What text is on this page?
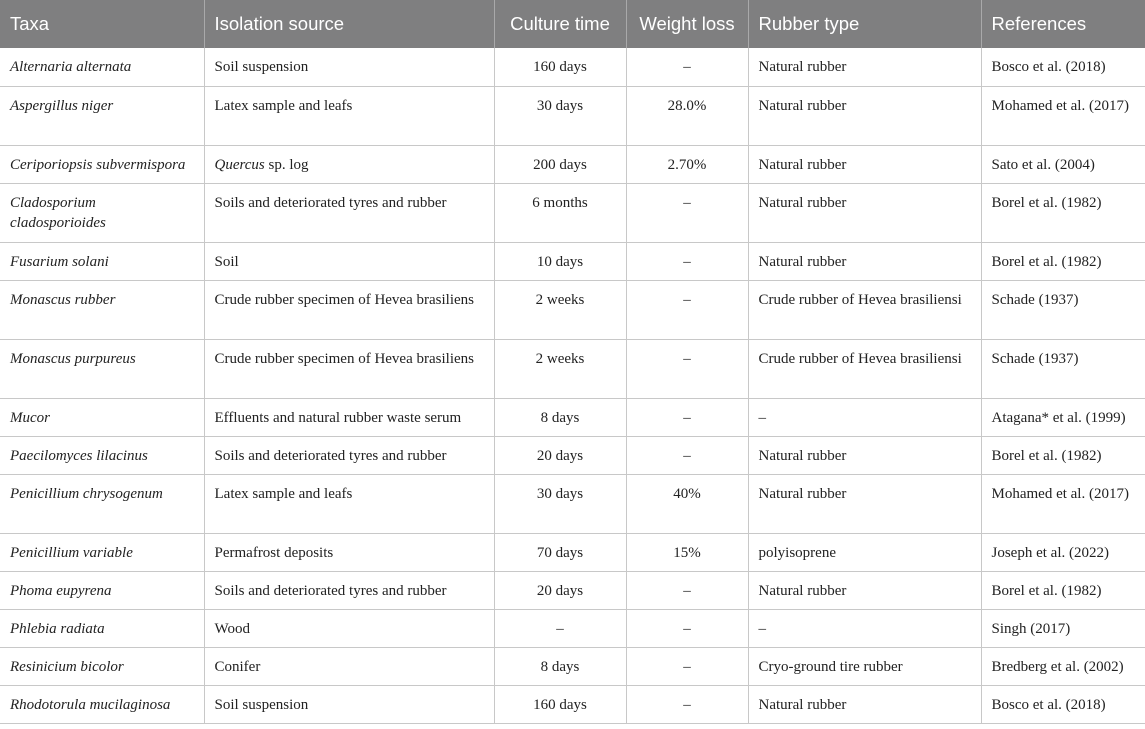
Taxa	Isolation source	Culture time	Weight loss	Rubber type	References
Alternaria alternata	Soil suspension	160 days	–	Natural rubber	Bosco et al. (2018)
Aspergillus niger	Latex sample and leafs	30 days	28.0%	Natural rubber	Mohamed et al. (2017)
Ceriporiopsis subvermispora	Quercus sp. log	200 days	2.70%	Natural rubber	Sato et al. (2004)
Cladosporium cladosporioides	Soils and deteriorated tyres and rubber	6 months	–	Natural rubber	Borel et al. (1982)
Fusarium solani	Soil	10 days	–	Natural rubber	Borel et al. (1982)
Monascus rubber	Crude rubber specimen of Hevea brasiliens	2 weeks	–	Crude rubber of Hevea brasiliensi	Schade (1937)
Monascus purpureus	Crude rubber specimen of Hevea brasiliens	2 weeks	–	Crude rubber of Hevea brasiliensi	Schade (1937)
Mucor	Effluents and natural rubber waste serum	8 days	–	–	Atagana* et al. (1999)
Paecilomyces lilacinus	Soils and deteriorated tyres and rubber	20 days	–	Natural rubber	Borel et al. (1982)
Penicillium chrysogenum	Latex sample and leafs	30 days	40%	Natural rubber	Mohamed et al. (2017)
Penicillium variable	Permafrost deposits	70 days	15%	polyisoprene	Joseph et al. (2022)
Phoma eupyrena	Soils and deteriorated tyres and rubber	20 days	–	Natural rubber	Borel et al. (1982)
Phlebia radiata	Wood	–	–	–	Singh (2017)
Resinicium bicolor	Conifer	8 days	–	Cryo-ground tire rubber	Bredberg et al. (2002)
Rhodotorula mucilaginosa	Soil suspension	160 days	–	Natural rubber	Bosco et al. (2018)
